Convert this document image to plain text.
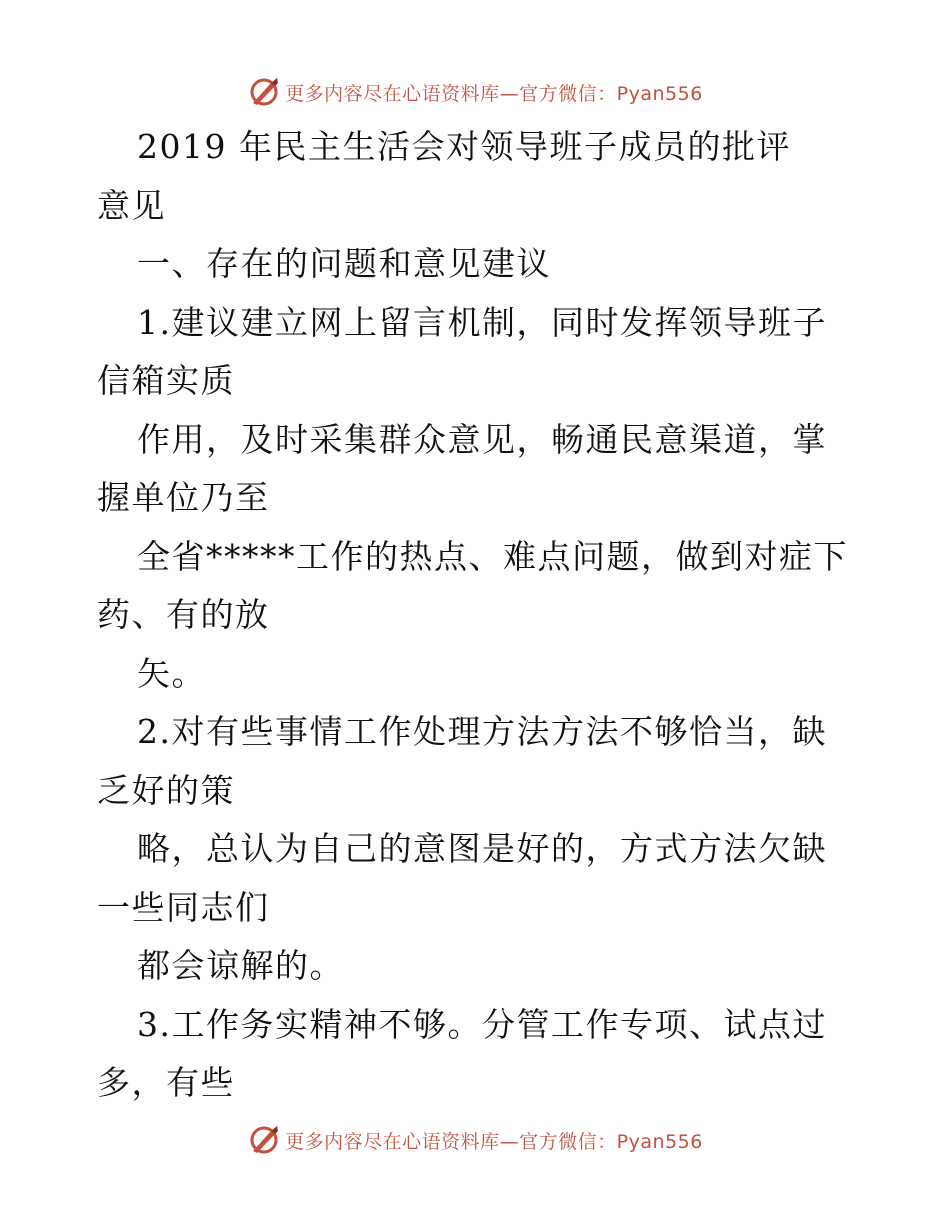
更多内容尽在心语资料库—官方微信：Pyan556

2019 年民主生活会对领导班子成员的批评
意见

一、存在的问题和意见建议

1.建议建立网上留言机制，同时发挥领导班子信箱实质

作用，及时采集群众意见，畅通民意渠道，掌握单位乃至

全省*****工作的热点、难点问题，做到对症下药、有的放

矢。

2.对有些事情工作处理方法方法不够恰当，缺乏好的策

略，总认为自己的意图是好的，方式方法欠缺一些同志们

都会谅解的。

3.工作务实精神不够。分管工作专项、试点过多，有些

更多内容尽在心语资料库—官方微信：Pyan556
